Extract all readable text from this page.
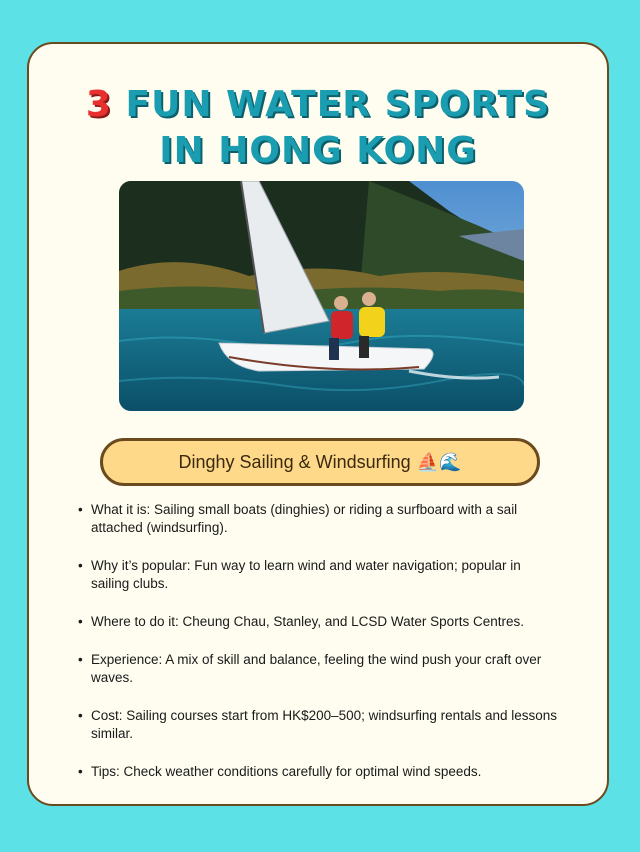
3 FUN WATER SPORTS
IN HONG KONG
Dinghy Sailing & Windsurfing ⛵🌊
• What it is: Sailing small boats (dinghies) or riding a surfboard with a sail attached (windsurfing).
• Why it’s popular: Fun way to learn wind and water navigation; popular in sailing clubs.
• Where to do it: Cheung Chau, Stanley, and LCSD Water Sports Centres.
• Experience: A mix of skill and balance, feeling the wind push your craft over waves.
• Cost: Sailing courses start from HK$200–500; windsurfing rentals and lessons similar.
• Tips: Check weather conditions carefully for optimal wind speeds.
